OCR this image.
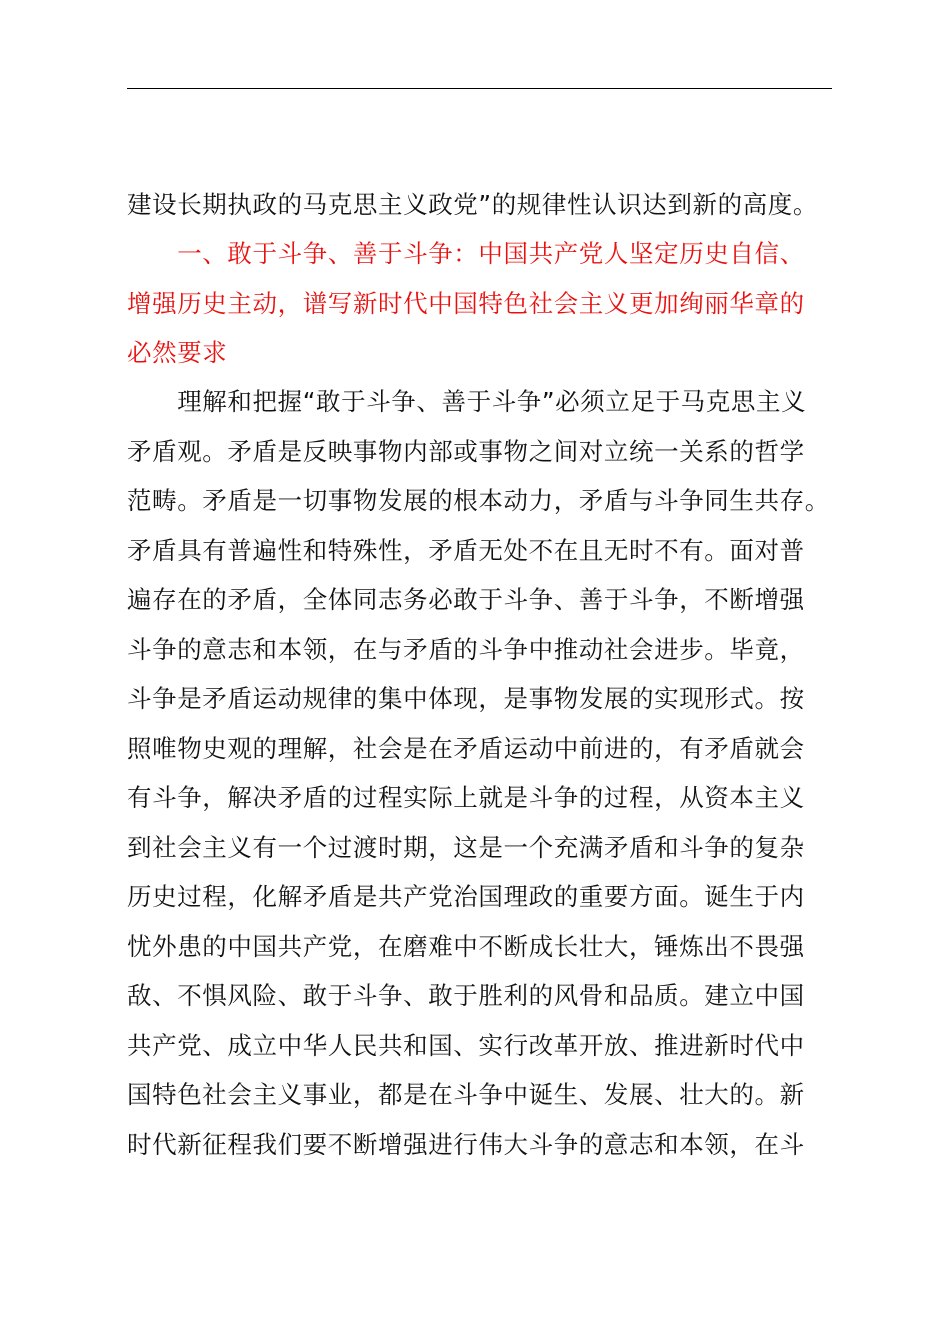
建设长期执政的马克思主义政党”的规律性认识达到新的高度。
　　一、敢于斗争、善于斗争：中国共产党人坚定历史自信、
增强历史主动，谱写新时代中国特色社会主义更加绚丽华章的
必然要求
　　理解和把握“敢于斗争、善于斗争”必须立足于马克思主义
矛盾观。矛盾是反映事物内部或事物之间对立统一关系的哲学
范畴。矛盾是一切事物发展的根本动力，矛盾与斗争同生共存。
矛盾具有普遍性和特殊性，矛盾无处不在且无时不有。面对普
遍存在的矛盾，全体同志务必敢于斗争、善于斗争，不断增强
斗争的意志和本领，在与矛盾的斗争中推动社会进步。毕竟，
斗争是矛盾运动规律的集中体现，是事物发展的实现形式。按
照唯物史观的理解，社会是在矛盾运动中前进的，有矛盾就会
有斗争，解决矛盾的过程实际上就是斗争的过程，从资本主义
到社会主义有一个过渡时期，这是一个充满矛盾和斗争的复杂
历史过程，化解矛盾是共产党治国理政的重要方面。诞生于内
忧外患的中国共产党，在磨难中不断成长壮大，锤炼出不畏强
敌、不惧风险、敢于斗争、敢于胜利的风骨和品质。建立中国
共产党、成立中华人民共和国、实行改革开放、推进新时代中
国特色社会主义事业，都是在斗争中诞生、发展、壮大的。新
时代新征程我们要不断增强进行伟大斗争的意志和本领，在斗
